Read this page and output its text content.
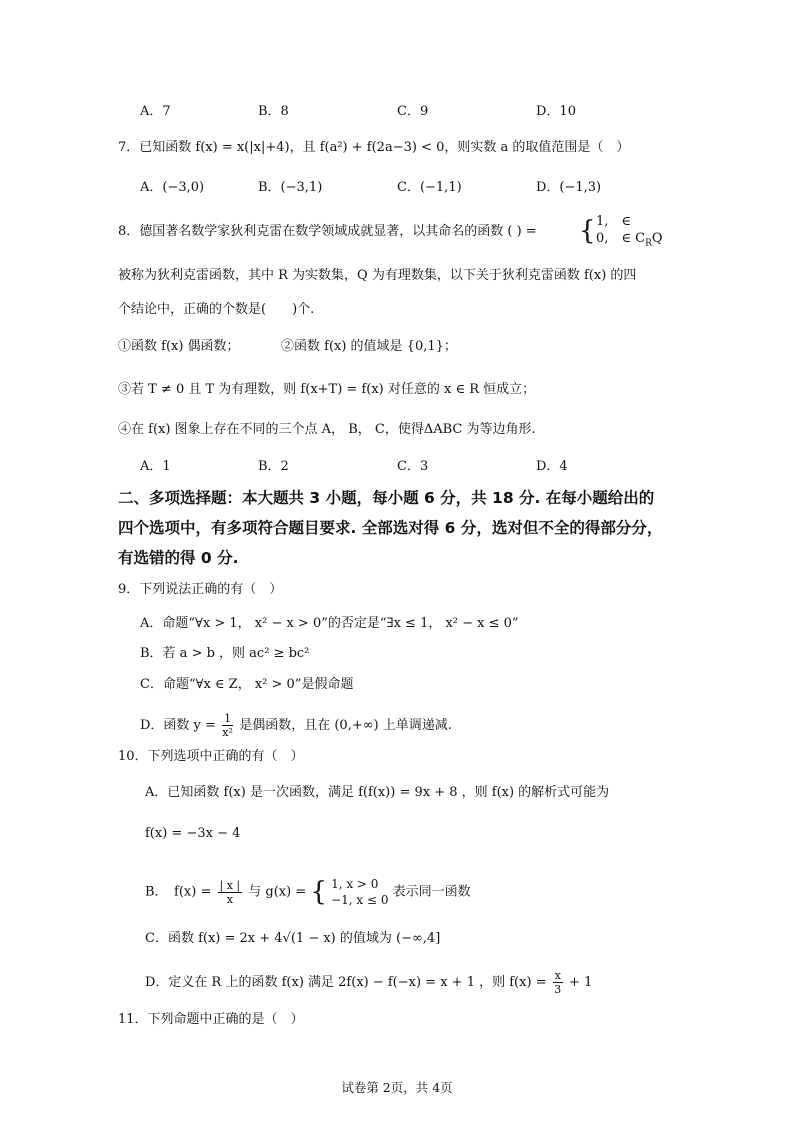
A．7	B．8	C．9	D．10
7．已知函数 f(x) = x(|x|+4)，且 f(a²) + f(2a−3) < 0，则实数 a 的取值范围是（　）
A．(−3,0)	B．(−3,1)	C．(−1,1)	D．(−1,3)
8．德国著名数学家狄利克雷在数学领域成就显著，以其命名的函数 ( ) = { 1,　∈
0,　∈ $C_RQ$
被称为狄利克雷函数，其中 R 为实数集，Q 为有理数集，以下关于狄利克雷函数 f(x) 的四
个结论中，正确的个数是(　　)个.
①函数 f(x) 偶函数；	②函数 f(x) 的值域是 {0,1}；
③若 T ≠ 0 且 T 为有理数，则 f(x+T) = f(x) 对任意的 x ∈ R 恒成立；
④在 f(x) 图象上存在不同的三个点 A， B， C，使得ΔABC 为等边角形.
A．1	B．2	C．3	D．4
二、多项选择题：本大题共 3 小题，每小题 6 分，共 18 分. 在每小题给出的
四个选项中，有多项符合题目要求. 全部选对得 6 分，选对但不全的得部分分，
有选错的得 0 分.
9．下列说法正确的有（　）
A．命题“∀x > 1， x² − x > 0”的否定是“∃x ≤ 1， x² − x ≤ 0”
B．若 a > b ，则 ac² ≥ bc²
C．命题“∀x ∈ Z， x² > 0”是假命题
D．函数 $y = \frac{1}{\text{x²}}$ 是偶函数，且在 (0,+∞) 上单调递减.
10．下列选项中正确的有（　）
A．已知函数 f(x) 是一次函数，满足 f(f(x)) = 9x + 8 ，则 f(x) 的解析式可能为
f(x) = −3x − 4
B．　$f(x) = \frac{| x |}{x}$ 与 g(x) = { 1, x > 0
−1, x ≤ 0
表示同一函数
C．函数 f(x) = 2x + 4√(1 − x) 的值域为 (−∞,4]
D．定义在 R 上的函数 f(x) 满足 2f(x) − f(−x) = x + 1 ，则 $f(x) = \frac{x}{3} + 1$
11．下列命题中正确的是（　）
试卷第 2页，共 4页
